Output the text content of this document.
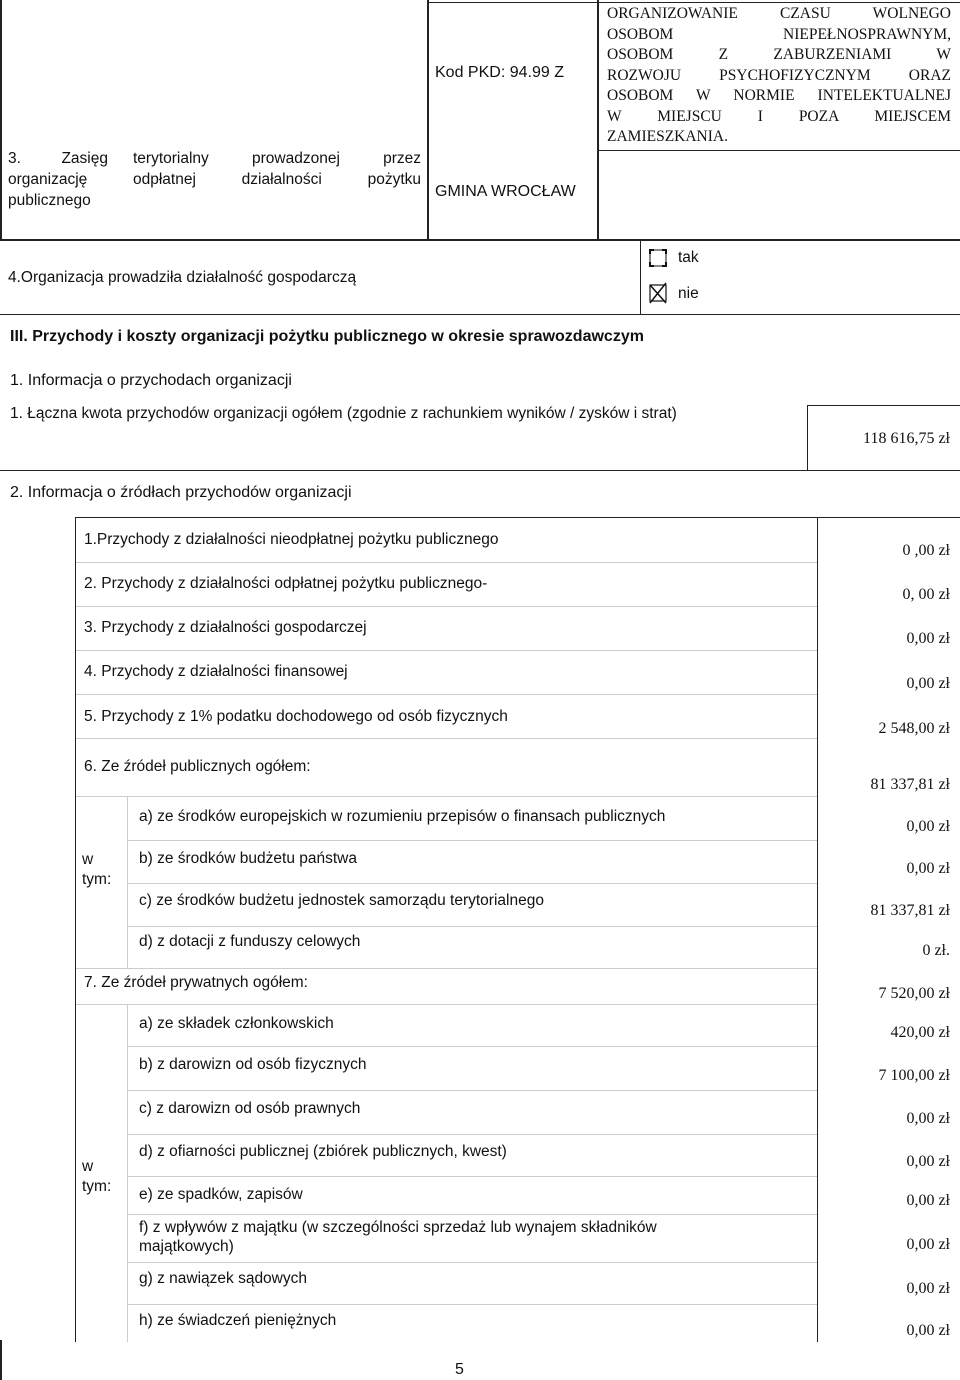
3. Zasięg
organizację
publicznego
terytorialny prowadzonej przez
odpłatnej działalności pożytku
Kod PKD: 94.99 Z
GMINA WROCŁAW
ORGANIZOWANIE CZASU WOLNEGO
OSOBOM NIEPEŁNOSPRAWNYM,
OSOBOM Z ZABURZENIAMI W
ROZWOJU PSYCHOFIZYCZNYM ORAZ
OSOBOM W NORMIE INTELEKTUALNEJ
W MIEJSCU I POZA MIEJSCEM
ZAMIESZKANIA.
4.Organizacja prowadziła działalność gospodarczą
tak
nie
III. Przychody i koszty organizacji pożytku publicznego w okresie sprawozdawczym
1. Informacja o przychodach organizacji
1. Łączna kwota przychodów organizacji ogółem (zgodnie z rachunkiem wyników / zysków i strat)
118 616,75 zł
2. Informacja o źródłach przychodów organizacji
1.Przychody z działalności nieodpłatnej pożytku publicznego
0 ,00 zł
2. Przychody z działalności odpłatnej pożytku publicznego-
0, 00 zł
3. Przychody z działalności gospodarczej
0,00 zł
4. Przychody z działalności finansowej
0,00 zł
5. Przychody z 1% podatku dochodowego od osób fizycznych
2 548,00 zł
6. Ze źródeł publicznych ogółem:
81 337,81 zł
w
tym:
a) ze środków europejskich w rozumieniu przepisów o finansach publicznych
0,00 zł
b) ze środków budżetu państwa
0,00 zł
c) ze środków budżetu jednostek samorządu terytorialnego
81 337,81 zł
d) z dotacji z funduszy celowych
0 zł.
7. Ze źródeł prywatnych ogółem:
7 520,00 zł
w
tym:
a) ze składek członkowskich
420,00 zł
b) z darowizn od osób fizycznych
7 100,00 zł
c) z darowizn od osób prawnych
0,00 zł
d) z ofiarności publicznej (zbiórek publicznych, kwest)
0,00 zł
e) ze spadków, zapisów	0,00 zł
f) z wpływów z majątku (w szczególności sprzedaż lub wynajem składników
majątkowych)	0,00 zł
g) z nawiązek sądowych
0,00 zł
h) ze świadczeń pieniężnych
0,00 zł
5
